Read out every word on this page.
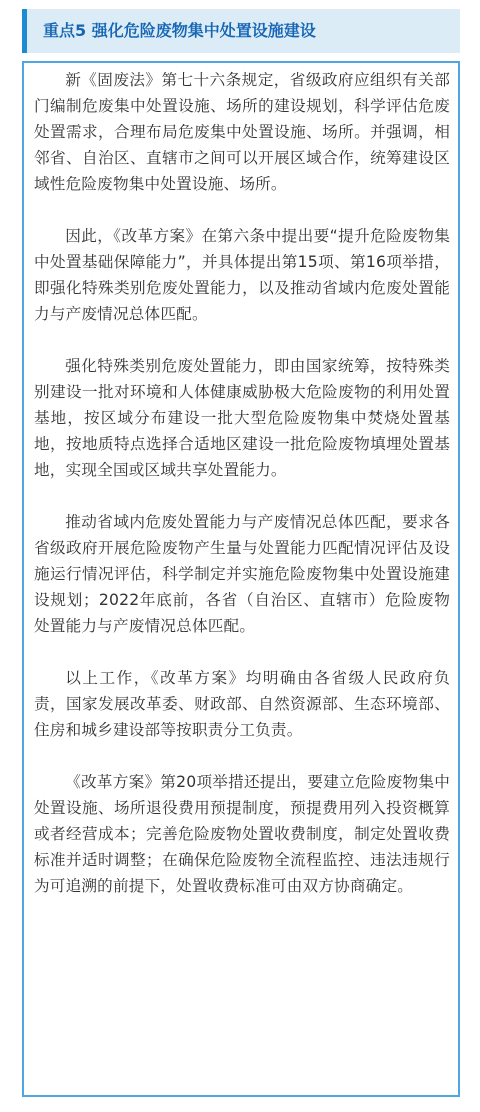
重点5 强化危险废物集中处置设施建设

新《固废法》第七十六条规定，省级政府应组织有关部门编制危废集中处置设施、场所的建设规划，科学评估危废处置需求，合理布局危废集中处置设施、场所。并强调，相邻省、自治区、直辖市之间可以开展区域合作，统筹建设区域性危险废物集中处置设施、场所。

因此，《改革方案》在第六条中提出要“提升危险废物集中处置基础保障能力”，并具体提出第15项、第16项举措，即强化特殊类别危废处置能力，以及推动省域内危废处置能力与产废情况总体匹配。

强化特殊类别危废处置能力，即由国家统筹，按特殊类别建设一批对环境和人体健康威胁极大危险废物的利用处置基地，按区域分布建设一批大型危险废物集中焚烧处置基地，按地质特点选择合适地区建设一批危险废物填埋处置基地，实现全国或区域共享处置能力。

推动省域内危废处置能力与产废情况总体匹配，要求各省级政府开展危险废物产生量与处置能力匹配情况评估及设施运行情况评估，科学制定并实施危险废物集中处置设施建设规划；2022年底前，各省（自治区、直辖市）危险废物处置能力与产废情况总体匹配。

以上工作，《改革方案》均明确由各省级人民政府负责，国家发展改革委、财政部、自然资源部、生态环境部、住房和城乡建设部等按职责分工负责。

《改革方案》第20项举措还提出，要建立危险废物集中处置设施、场所退役费用预提制度，预提费用列入投资概算或者经营成本；完善危险废物处置收费制度，制定处置收费标准并适时调整；在确保危险废物全流程监控、违法违规行为可追溯的前提下，处置收费标准可由双方协商确定。
